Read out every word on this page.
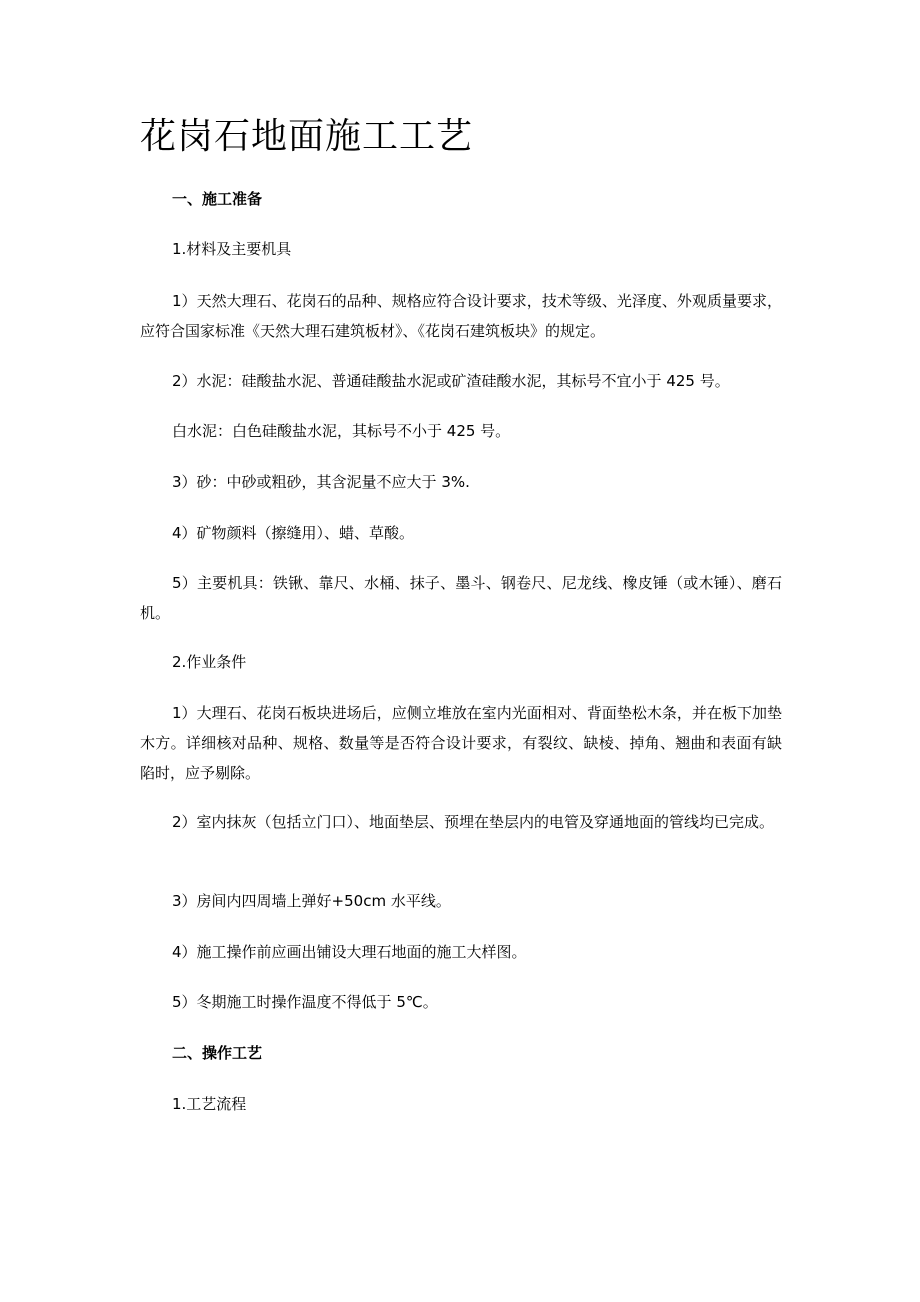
花岗石地面施工工艺

一、施工准备

1.材料及主要机具

1）天然大理石、花岗石的品种、规格应符合设计要求，技术等级、光泽度、外观质量要求，应符合国家标准《天然大理石建筑板材》、《花岗石建筑板块》的规定。

2）水泥：硅酸盐水泥、普通硅酸盐水泥或矿渣硅酸水泥，其标号不宜小于 425 号。

白水泥：白色硅酸盐水泥，其标号不小于 425 号。

3）砂：中砂或粗砂，其含泥量不应大于 3%.

4）矿物颜料（擦缝用）、蜡、草酸。

5）主要机具：铁锹、靠尺、水桶、抹子、墨斗、钢卷尺、尼龙线、橡皮锤（或木锤）、磨石机。

2.作业条件

1）大理石、花岗石板块进场后，应侧立堆放在室内光面相对、背面垫松木条，并在板下加垫木方。详细核对品种、规格、数量等是否符合设计要求，有裂纹、缺棱、掉角、翘曲和表面有缺陷时，应予剔除。

2）室内抹灰（包括立门口）、地面垫层、预埋在垫层内的电管及穿通地面的管线均已完成。

3）房间内四周墙上弹好+50cm 水平线。

4）施工操作前应画出铺设大理石地面的施工大样图。

5）冬期施工时操作温度不得低于 5℃。

二、操作工艺

1.工艺流程
